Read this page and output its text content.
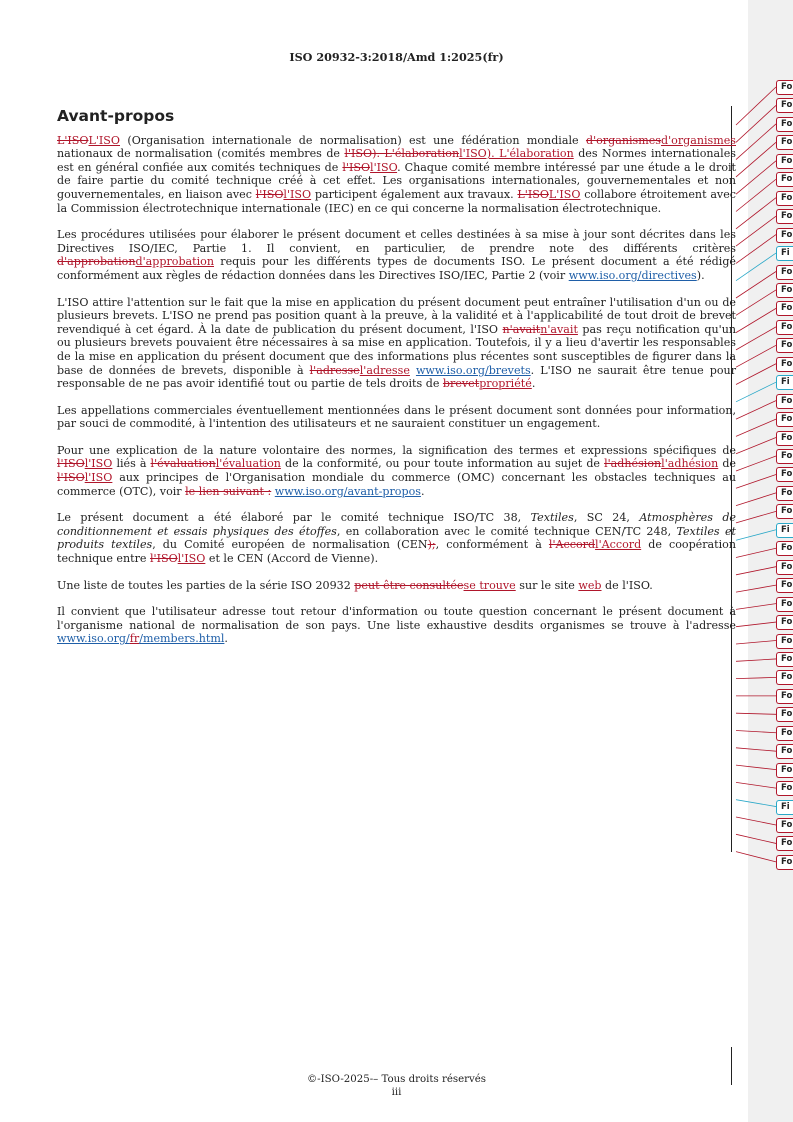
ISO 20932-3:2018/Amd 1:2025(fr)
Avant-propos

L'ISOL'ISO (Organisation internationale de normalisation) est une fédération mondiale d'organismesd'organismes nationaux de normalisation (comités membres de l'ISO). L'élaborationl'ISO). L'élaboration des Normes internationales est en général confiée aux comités techniques de l'ISOl'ISO. Chaque comité membre intéressé par une étude a le droit de faire partie du comité technique créé à cet effet. Les organisations internationales, gouvernementales et non gouvernementales, en liaison avec l'ISOl'ISO participent également aux travaux. L'ISOL'ISO collabore étroitement avec la Commission électrotechnique internationale (IEC) en ce qui concerne la normalisation électrotechnique.

Les procédures utilisées pour élaborer le présent document et celles destinées à sa mise à jour sont décrites dans les Directives ISO/IEC, Partie 1. Il convient, en particulier, de prendre note des différents critères d'approbationd'approbation requis pour les différents types de documents ISO. Le présent document a été rédigé conformément aux règles de rédaction données dans les Directives ISO/IEC, Partie 2 (voir www.iso.org/directives).

L'ISO attire l'attention sur le fait que la mise en application du présent document peut entraîner l'utilisation d'un ou de plusieurs brevets. L'ISO ne prend pas position quant à la preuve, à la validité et à l'applicabilité de tout droit de brevet revendiqué à cet égard. À la date de publication du présent document, l'ISO n'avaitn'avait pas reçu notification qu'un ou plusieurs brevets pouvaient être nécessaires à sa mise en application. Toutefois, il y a lieu d'avertir les responsables de la mise en application du présent document que des informations plus récentes sont susceptibles de figurer dans la base de données de brevets, disponible à l'adressel'adresse www.iso.org/brevets. L'ISO ne saurait être tenue pour responsable de ne pas avoir identifié tout ou partie de tels droits de brevetpropriété.

Les appellations commerciales éventuellement mentionnées dans le présent document sont données pour information, par souci de commodité, à l'intention des utilisateurs et ne sauraient constituer un engagement.

Pour une explication de la nature volontaire des normes, la signification des termes et expressions spécifiques de l'ISOl'ISO liés à l'évaluationl'évaluation de la conformité, ou pour toute information au sujet de l'adhésionl'adhésion de l'ISOl'ISO aux principes de l'Organisation mondiale du commerce (OMC) concernant les obstacles techniques au commerce (OTC), voir le lien suivant : www.iso.org/avant-propos.

Le présent document a été élaboré par le comité technique ISO/TC 38, Textiles, SC 24, Atmosphères de conditionnement et essais physiques des étoffes, en collaboration avec le comité technique CEN/TC 248, Textiles et produits textiles, du Comité européen de normalisation (CEN);, conformément à l'Accordl'Accord de coopération technique entre l'ISOl'ISO et le CEN (Accord de Vienne).

Une liste de toutes les parties de la série ISO 20932 peut être consultéese trouve sur le site web de l'ISO.

Il convient que l'utilisateur adresse tout retour d'information ou toute question concernant le présent document à l'organisme national de normalisation de son pays. Une liste exhaustive desdits organismes se trouve à l'adresse www.iso.org/fr/members.html.

Fo
Fo
Fo
Fo
Fo
Fo
Fo
Fo
Fo
Fi
Fo
Fo
Fo
Fo
Fo
Fo
Fi
Fo
Fo
Fo
Fo
Fo
Fo
Fo
Fi
Fo
Fo
Fo
Fo
Fo
Fo
Fo
Fo
Fo
Fo
Fo
Fo
Fo
Fo
Fi
Fo
Fo
Fo
©-ISO-2025-– Tous droits réservés
iii
